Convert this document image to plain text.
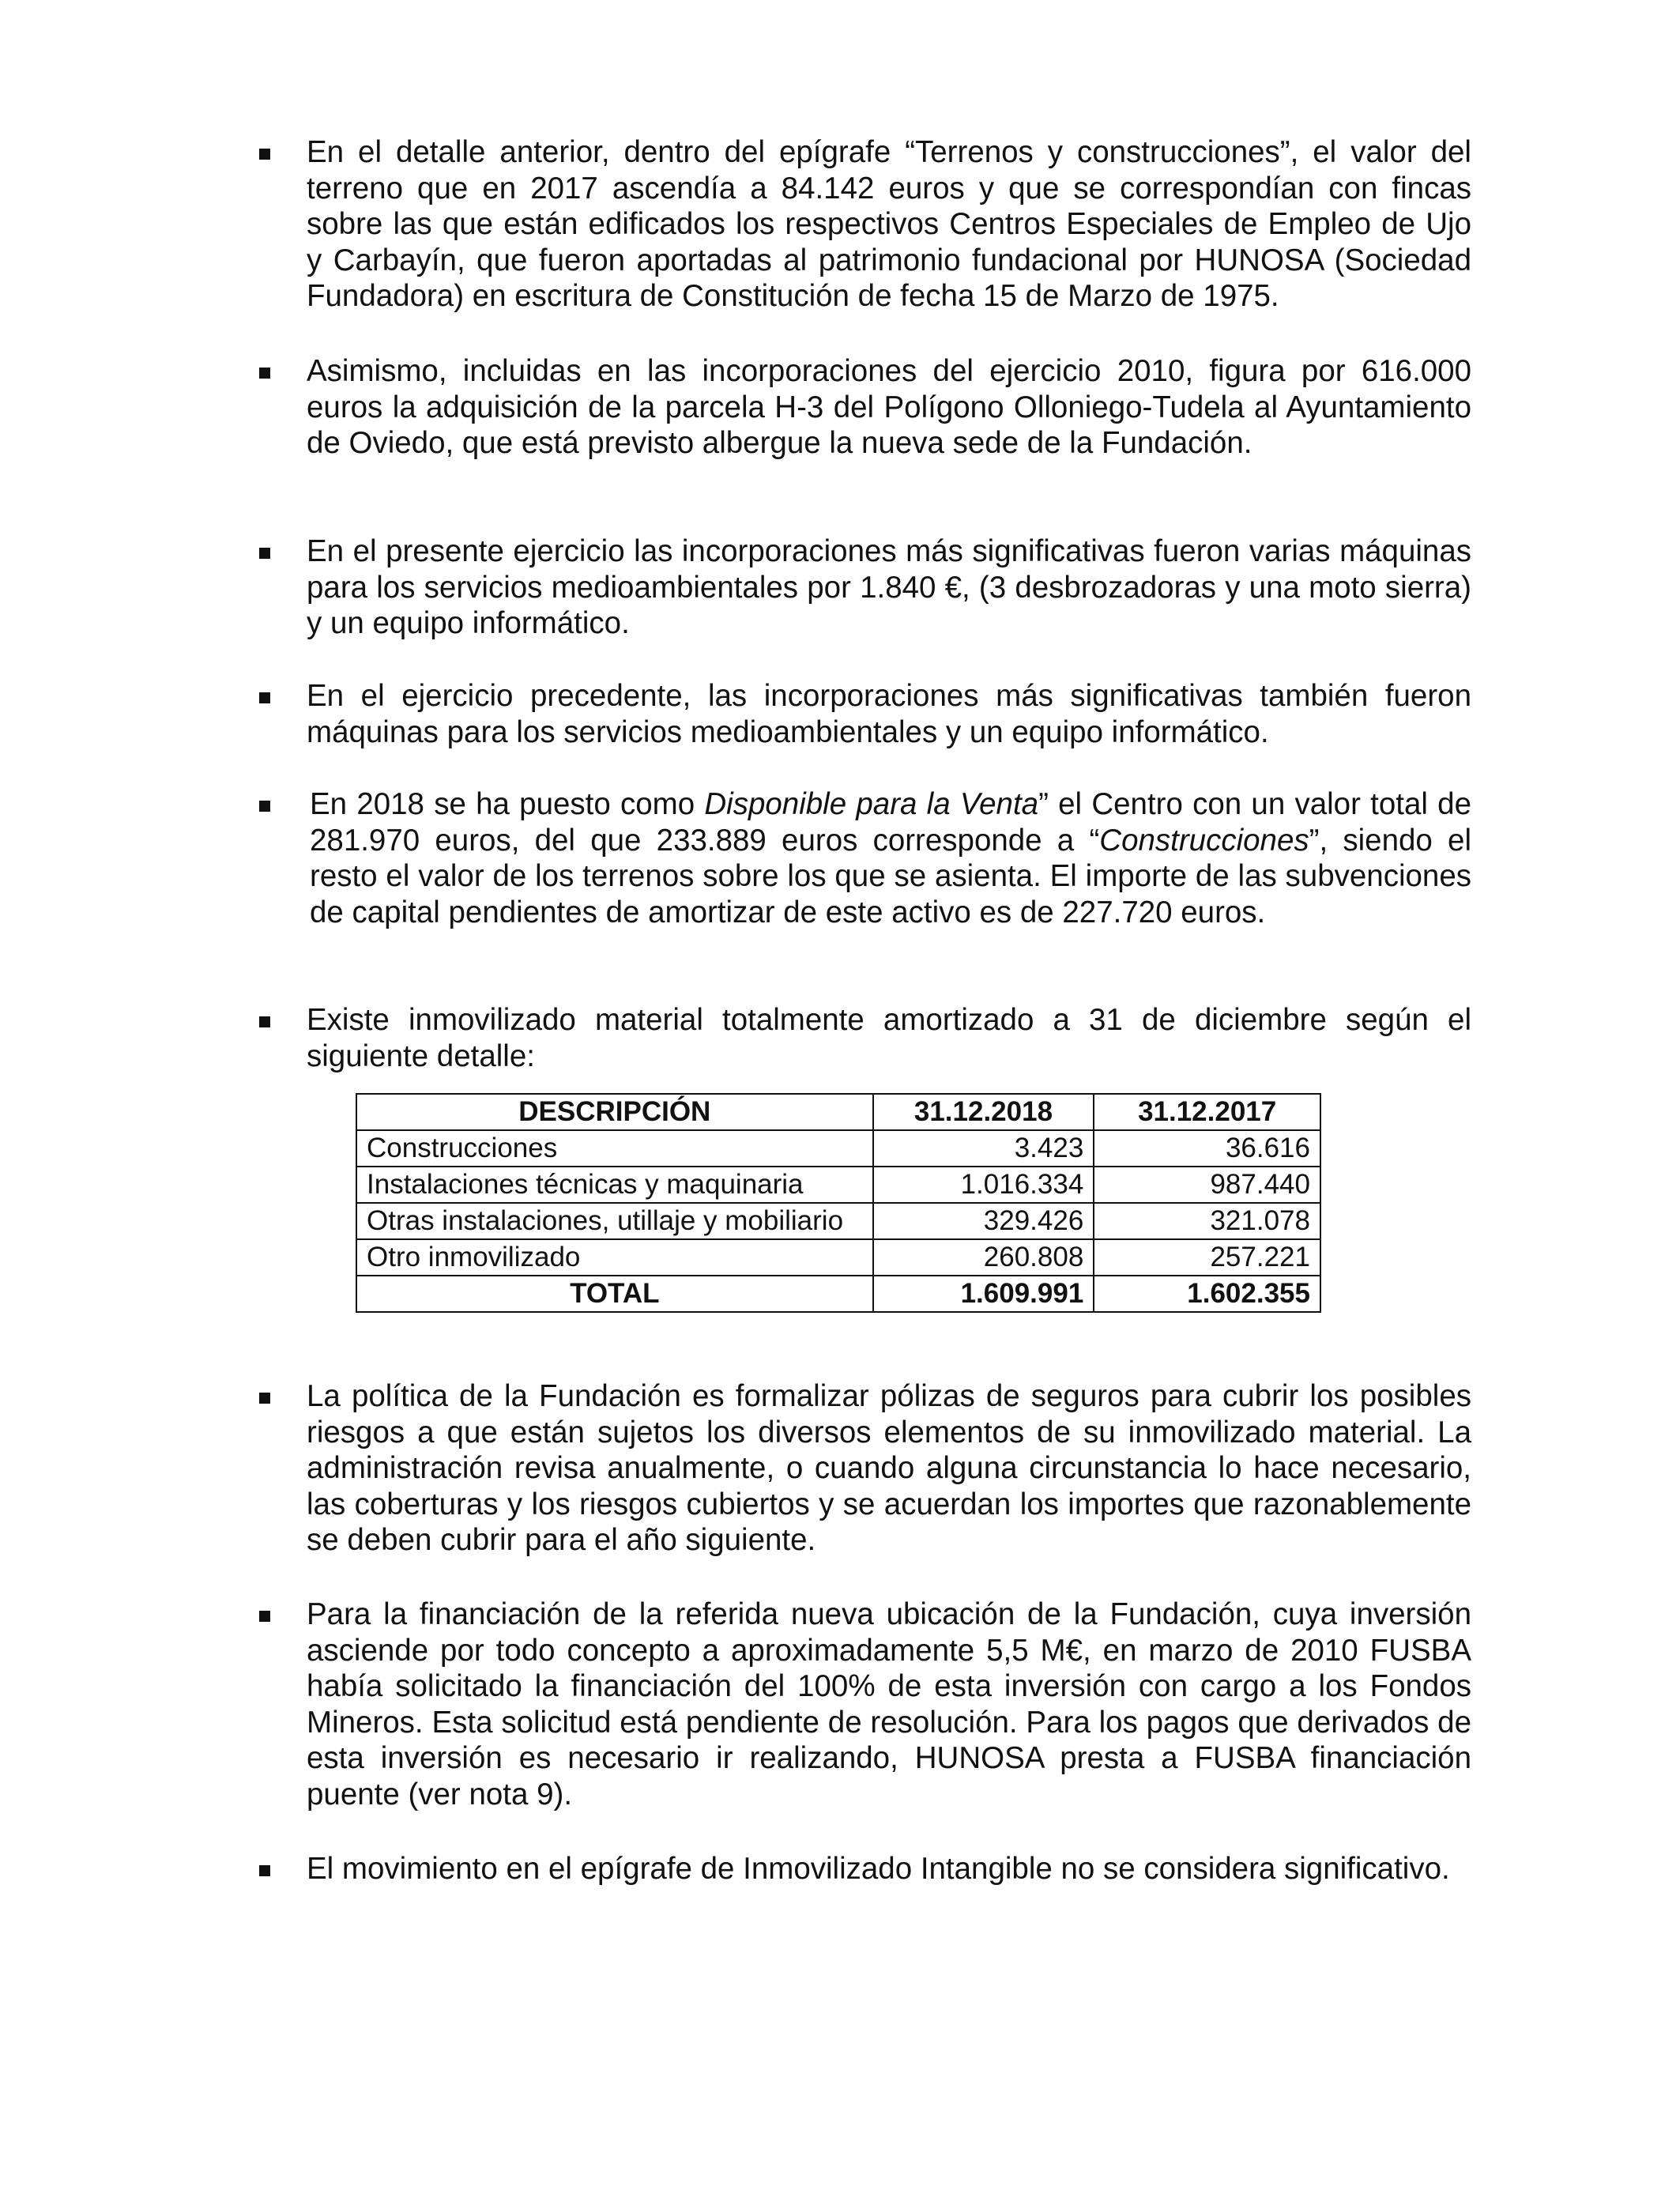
En el detalle anterior, dentro del epígrafe “Terrenos y construcciones”, el valor del terreno que en 2017 ascendía a 84.142 euros y que se correspondían con fincas sobre las que están edificados los respectivos Centros Especiales de Empleo de Ujo y Carbayín, que fueron aportadas al patrimonio fundacional por HUNOSA (Sociedad Fundadora) en escritura de Constitución de fecha 15 de Marzo de 1975.

Asimismo, incluidas en las incorporaciones del ejercicio 2010, figura por 616.000 euros la adquisición de la parcela H-3 del Polígono Olloniego-Tudela al Ayuntamiento de Oviedo, que está previsto albergue la nueva sede de la Fundación.

En el presente ejercicio las incorporaciones más significativas fueron varias máquinas para los servicios medioambientales por 1.840 €, (3 desbrozadoras y una moto sierra) y un equipo informático.

En el ejercicio precedente, las incorporaciones más significativas también fueron máquinas para los servicios medioambientales y un equipo informático.

En 2018 se ha puesto como Disponible para la Venta” el Centro con un valor total de 281.970 euros, del que 233.889 euros corresponde a “Construcciones”, siendo el resto el valor de los terrenos sobre los que se asienta. El importe de las subvenciones de capital pendientes de amortizar de este activo es de 227.720 euros.

Existe inmovilizado material totalmente amortizado a 31 de diciembre según el siguiente detalle:

DESCRIPCIÓN	31.12.2018	31.12.2017
Construcciones	3.423	36.616
Instalaciones técnicas y maquinaria	1.016.334	987.440
Otras instalaciones, utillaje y mobiliario	329.426	321.078
Otro inmovilizado	260.808	257.221
TOTAL	1.609.991	1.602.355

La política de la Fundación es formalizar pólizas de seguros para cubrir los posibles riesgos a que están sujetos los diversos elementos de su inmovilizado material. La administración revisa anualmente, o cuando alguna circunstancia lo hace necesario, las coberturas y los riesgos cubiertos y se acuerdan los importes que razonablemente se deben cubrir para el año siguiente.

Para la financiación de la referida nueva ubicación de la Fundación, cuya inversión asciende por todo concepto a aproximadamente 5,5 M€, en marzo de 2010 FUSBA había solicitado la financiación del 100% de esta inversión con cargo a los Fondos Mineros. Esta solicitud está pendiente de resolución. Para los pagos que derivados de esta inversión es necesario ir realizando, HUNOSA presta a FUSBA financiación puente (ver nota 9).

El movimiento en el epígrafe de Inmovilizado Intangible no se considera significativo.
